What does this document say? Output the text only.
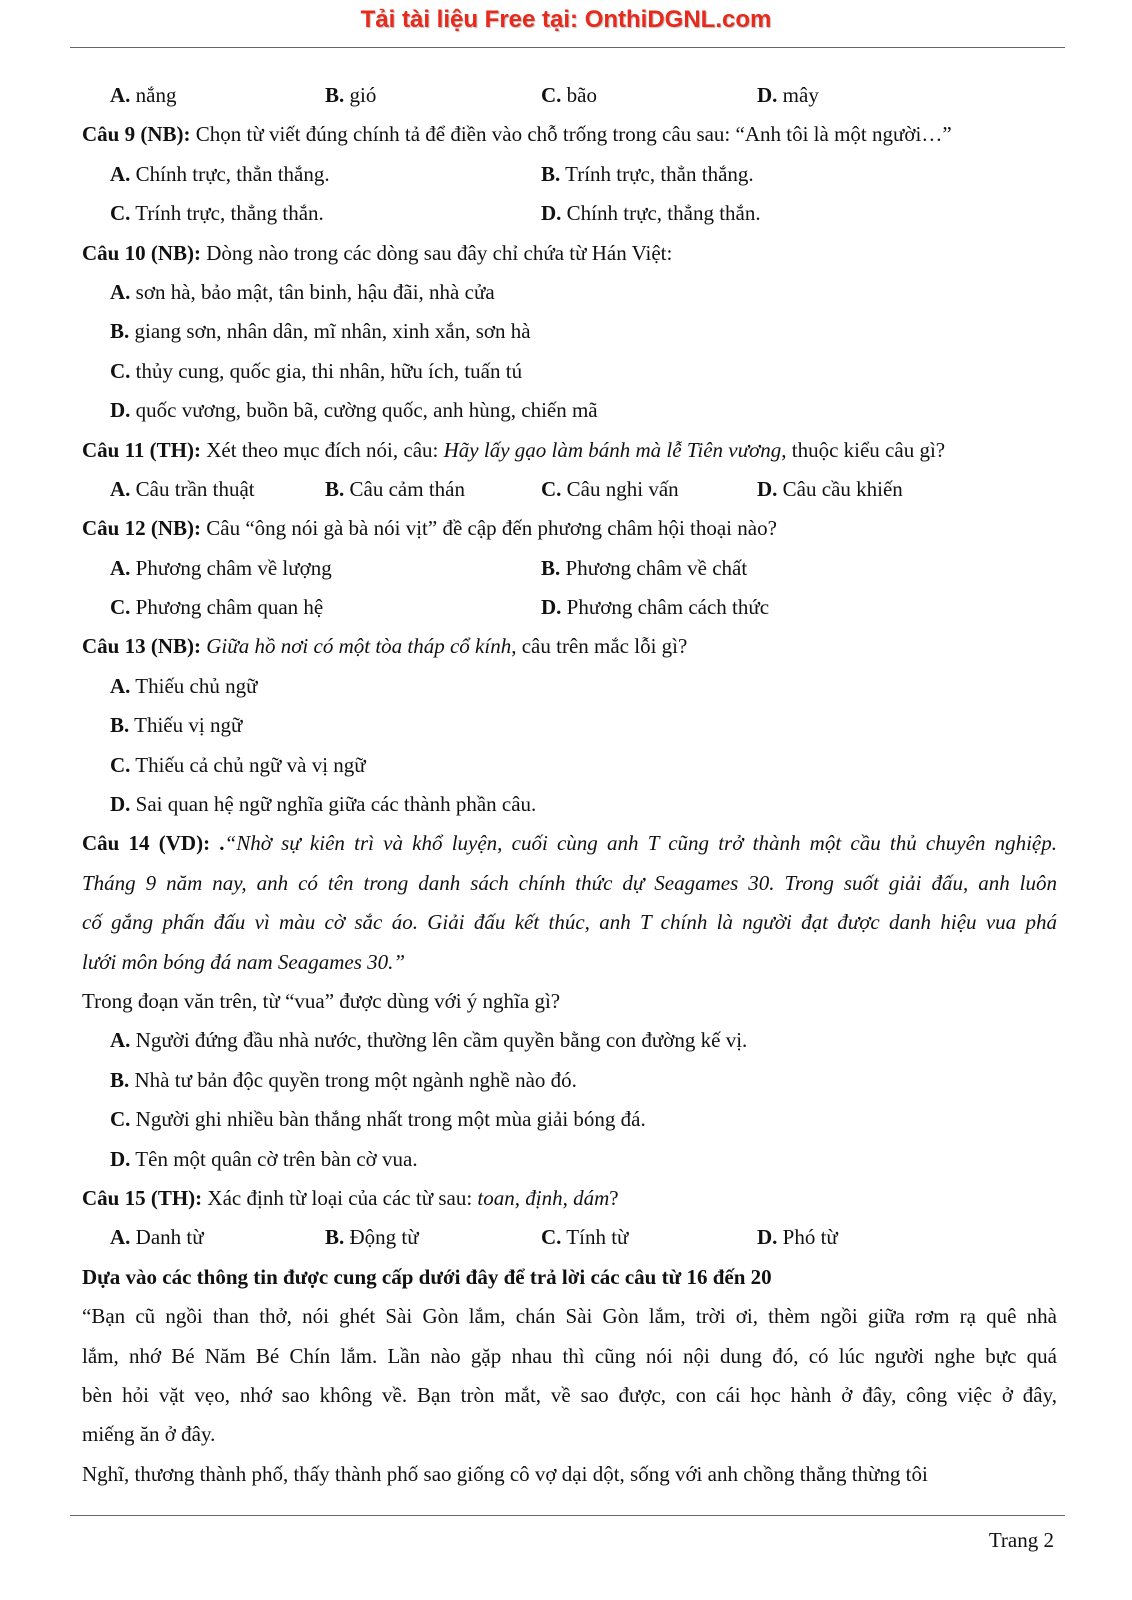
Tải tài liệu Free tại: OnthiDGNL.com
A. nắng	B. gió	C. bão	D. mây
Câu 9 (NB): Chọn từ viết đúng chính tả để điền vào chỗ trống trong câu sau: “Anh tôi là một người…”
A. Chính trực, thẳn thắng.	B. Trính trực, thẳn thắng.
C. Trính trực, thẳng thắn.	D. Chính trực, thẳng thắn.
Câu 10 (NB): Dòng nào trong các dòng sau đây chỉ chứa từ Hán Việt:
A. sơn hà, bảo mật, tân binh, hậu đãi, nhà cửa
B. giang sơn, nhân dân, mĩ nhân, xinh xắn, sơn hà
C. thủy cung, quốc gia, thi nhân, hữu ích, tuấn tú
D. quốc vương, buồn bã, cường quốc, anh hùng, chiến mã
Câu 11 (TH): Xét theo mục đích nói, câu: Hãy lấy gạo làm bánh mà lễ Tiên vương, thuộc kiểu câu gì?
A. Câu trần thuật	B. Câu cảm thán	C. Câu nghi vấn	D. Câu cầu khiến
Câu 12 (NB): Câu “ông nói gà bà nói vịt” đề cập đến phương châm hội thoại nào?
A. Phương châm về lượng	B. Phương châm về chất
C. Phương châm quan hệ	D. Phương châm cách thức
Câu 13 (NB): Giữa hồ nơi có một tòa tháp cổ kính, câu trên mắc lỗi gì?
A. Thiếu chủ ngữ
B. Thiếu vị ngữ
C. Thiếu cả chủ ngữ và vị ngữ
D. Sai quan hệ ngữ nghĩa giữa các thành phần câu.
Câu 14 (VD): .“Nhờ sự kiên trì và khổ luyện, cuối cùng anh T cũng trở thành một cầu thủ chuyên nghiệp.
Tháng 9 năm nay, anh có tên trong danh sách chính thức dự Seagames 30. Trong suốt giải đấu, anh luôn
cố gắng phấn đấu vì màu cờ sắc áo. Giải đấu kết thúc, anh T chính là người đạt được danh hiệu vua phá
lưới môn bóng đá nam Seagames 30.”
Trong đoạn văn trên, từ “vua” được dùng với ý nghĩa gì?
A. Người đứng đầu nhà nước, thường lên cầm quyền bằng con đường kế vị.
B. Nhà tư bản độc quyền trong một ngành nghề nào đó.
C. Người ghi nhiều bàn thắng nhất trong một mùa giải bóng đá.
D. Tên một quân cờ trên bàn cờ vua.
Câu 15 (TH): Xác định từ loại của các từ sau: toan, định, dám?
A. Danh từ	B. Động từ	C. Tính từ	D. Phó từ
Dựa vào các thông tin được cung cấp dưới đây để trả lời các câu từ 16 đến 20
“Bạn cũ ngồi than thở, nói ghét Sài Gòn lắm, chán Sài Gòn lắm, trời ơi, thèm ngồi giữa rơm rạ quê nhà
lắm, nhớ Bé Năm Bé Chín lắm. Lần nào gặp nhau thì cũng nói nội dung đó, có lúc người nghe bực quá
bèn hỏi vặt vẹo, nhớ sao không về. Bạn tròn mắt, về sao được, con cái học hành ở đây, công việc ở đây,
miếng ăn ở đây.
Nghĩ, thương thành phố, thấy thành phố sao giống cô vợ dại dột, sống với anh chồng thẳng thừng tôi
Trang 2
